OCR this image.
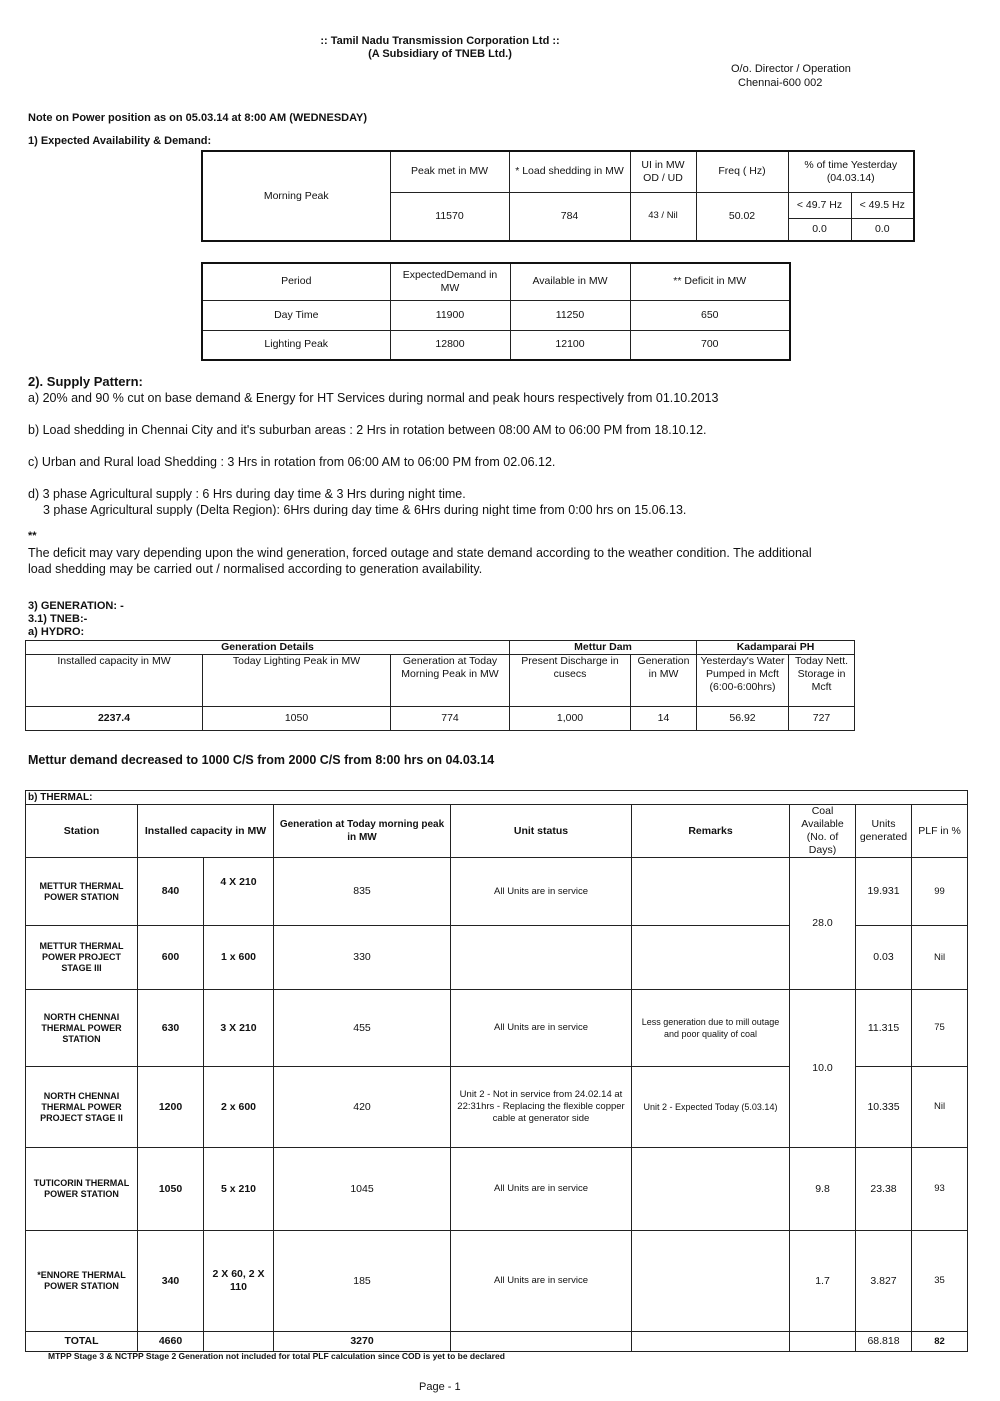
:: Tamil Nadu Transmission Corporation Ltd ::
(A Subsidiary of TNEB Ltd.)
O/o. Director / Operation
Chennai-600 002
Note on Power position as on 05.03.14 at 8:00 AM (WEDNESDAY)
1) Expected Availability & Demand:
Morning Peak	Peak met in MW	* Load shedding in MW	UI in MW OD / UD	Freq ( Hz)	% of time Yesterday (04.03.14)	
	11570	784	43 / Nil	50.02	< 49.7 Hz	< 49.5 Hz
					0.0	0.0
Period	ExpectedDemand in MW	Available in MW	** Deficit in MW
Day Time	11900	11250	650
Lighting Peak	12800	12100	700
2). Supply Pattern:
a) 20% and 90 % cut on base demand & Energy for HT Services during normal and peak hours respectively from 01.10.2013
b) Load shedding in Chennai City and it's suburban areas : 2 Hrs in rotation between 08:00 AM to 06:00 PM from 18.10.12.
c) Urban and Rural load Shedding : 3 Hrs in rotation from 06:00 AM to 06:00 PM from 02.06.12.
d) 3 phase Agricultural supply : 6 Hrs during day time & 3 Hrs during night time.
3 phase Agricultural supply (Delta Region): 6Hrs during day time & 6Hrs during night time from 0:00 hrs on 15.06.13.
**
The deficit may vary depending upon the wind generation, forced outage and state demand according to the weather condition. The additional
load shedding may be carried out / normalised according to generation availability.
3) GENERATION: -
3.1) TNEB:-
a) HYDRO:
Generation Details			Mettur Dam		Kadamparai PH	
Installed capacity in MW	Today Lighting Peak in MW	Generation at Today Morning Peak in MW	Present Discharge in cusecs	Generation in MW	Yesterday's Water Pumped in Mcft (6:00-6:00hrs)	Today Nett. Storage in Mcft
2237.4	1050	774	1,000	14	56.92	727
Mettur demand decreased to 1000 C/S from 2000 C/S from 8:00 hrs on 04.03.14
b) THERMAL:								
Station	Installed capacity in MW		Generation at Today morning peak in MW	Unit status	Remarks	Coal Available (No. of Days)	Units generated	PLF in %
METTUR THERMAL POWER STATION	840	4 X 210	835	All Units are in service		28.0	19.931	99
METTUR THERMAL POWER PROJECT STAGE III	600	1 x 600	330				0.03	Nil
NORTH CHENNAI THERMAL POWER STATION	630	3 X 210	455	All Units are in service	Less generation due to mill outage and poor quality of coal	10.0	11.315	75
NORTH CHENNAI THERMAL POWER PROJECT STAGE II	1200	2 x 600	420	Unit 2 - Not in service from 24.02.14 at 22:31hrs - Replacing the flexible copper cable at generator side	Unit 2 - Expected Today (5.03.14)		10.335	Nil
TUTICORIN THERMAL POWER STATION	1050	5 x 210	1045	All Units are in service		9.8	23.38	93
*ENNORE THERMAL POWER STATION	340	2 X 60, 2 X 110	185	All Units are in service		1.7	3.827	35
TOTAL	4660		3270				68.818	82
MTPP Stage 3 & NCTPP Stage 2 Generation not included for total PLF calculation since COD is yet to be declared
Page - 1
